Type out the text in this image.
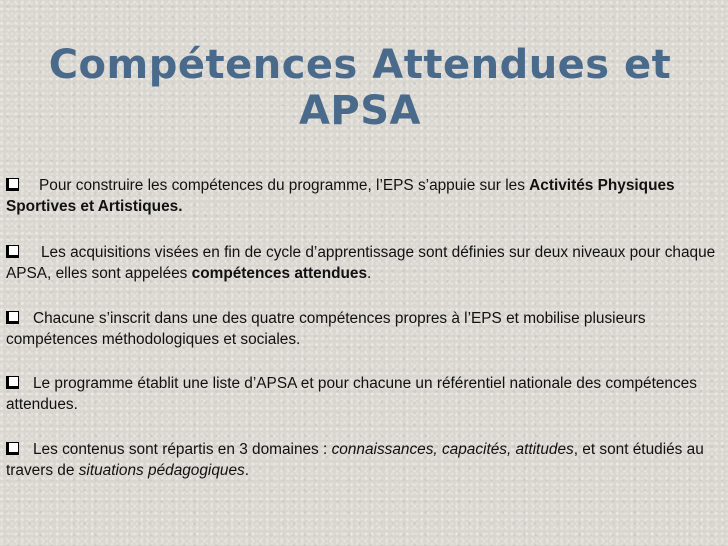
Compétences Attendues et APSA
Pour construire les compétences du programme, l’EPS s’appuie sur les Activités Physiques Sportives et Artistiques.
Les acquisitions visées en fin de cycle d’apprentissage sont définies sur deux niveaux pour chaque APSA, elles sont appelées compétences attendues.
Chacune s’inscrit dans une des quatre compétences propres à l’EPS et mobilise plusieurs compétences méthodologiques et sociales.
Le programme établit une liste d’APSA et pour chacune un référentiel nationale des compétences attendues.
Les contenus sont répartis en 3 domaines : connaissances, capacités, attitudes, et sont étudiés au travers de situations pédagogiques.
